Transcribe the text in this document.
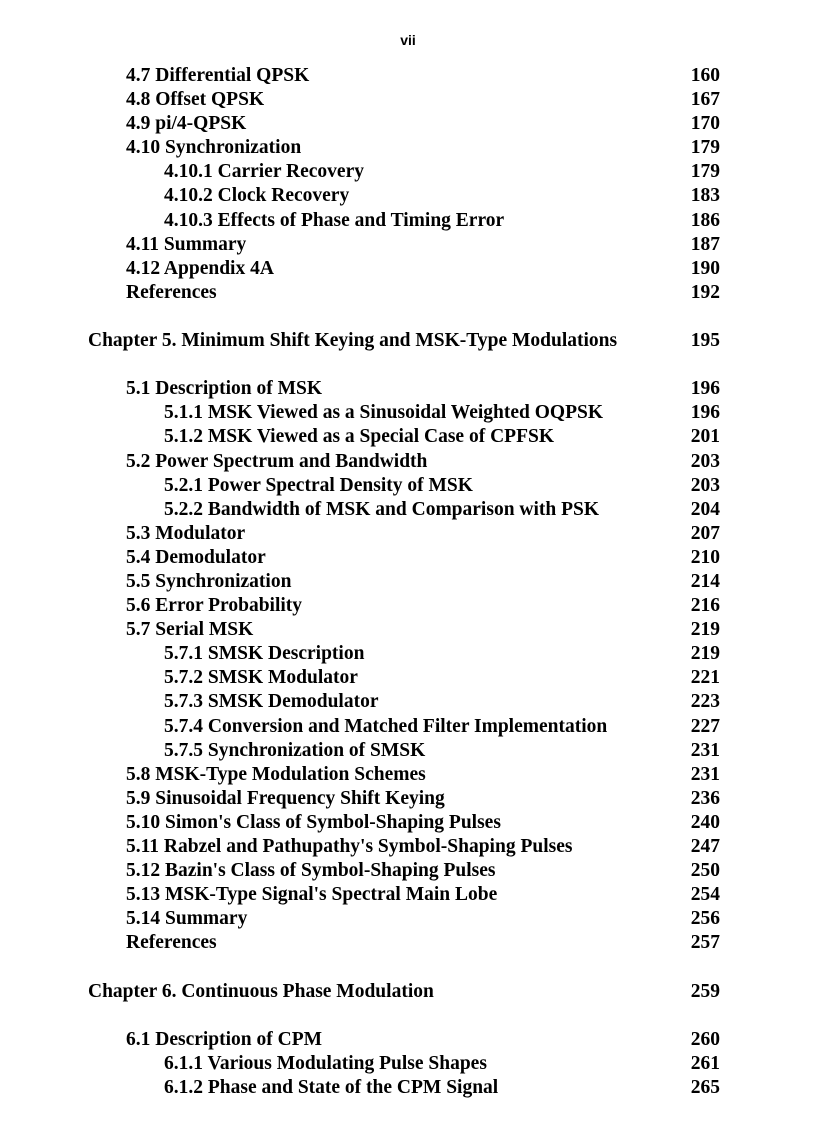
vii
4.7 Differential QPSK	160
4.8 Offset QPSK	167
4.9 pi/4-QPSK	170
4.10 Synchronization	179
4.10.1 Carrier Recovery	179
4.10.2 Clock Recovery	183
4.10.3 Effects of Phase and Timing Error	186
4.11 Summary	187
4.12 Appendix 4A	190
References	192
Chapter 5. Minimum Shift Keying and MSK-Type Modulations	195
5.1 Description of MSK	196
5.1.1 MSK Viewed as a Sinusoidal Weighted OQPSK	196
5.1.2 MSK Viewed as a Special Case of CPFSK	201
5.2 Power Spectrum and Bandwidth	203
5.2.1 Power Spectral Density of MSK	203
5.2.2 Bandwidth of MSK and Comparison with PSK	204
5.3 Modulator	207
5.4 Demodulator	210
5.5 Synchronization	214
5.6 Error Probability	216
5.7 Serial MSK	219
5.7.1 SMSK Description	219
5.7.2 SMSK Modulator	221
5.7.3 SMSK Demodulator	223
5.7.4 Conversion and Matched Filter Implementation	227
5.7.5 Synchronization of SMSK	231
5.8 MSK-Type Modulation Schemes	231
5.9 Sinusoidal Frequency Shift Keying	236
5.10 Simon's Class of Symbol-Shaping Pulses	240
5.11 Rabzel and Pathupathy's Symbol-Shaping Pulses	247
5.12 Bazin's Class of Symbol-Shaping Pulses	250
5.13 MSK-Type Signal's Spectral Main Lobe	254
5.14 Summary	256
References	257
Chapter 6. Continuous Phase Modulation	259
6.1 Description of CPM	260
6.1.1 Various Modulating Pulse Shapes	261
6.1.2 Phase and State of the CPM Signal	265
